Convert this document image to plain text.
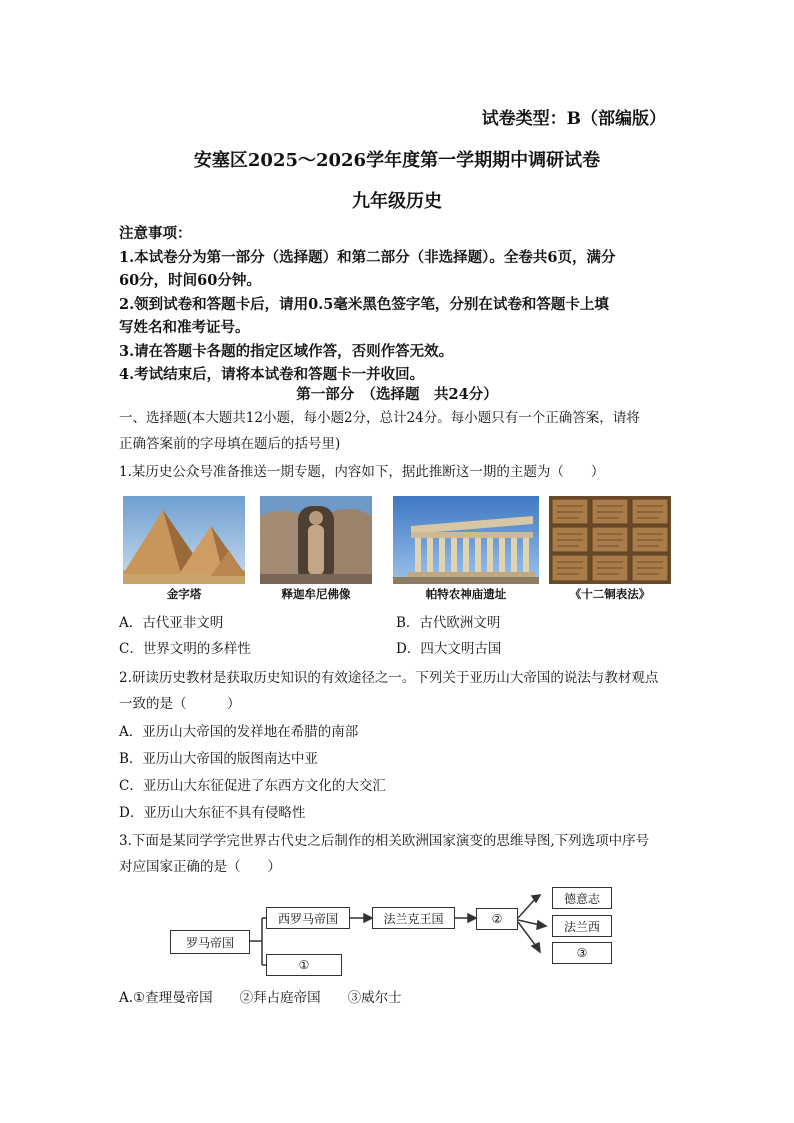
试卷类型：B（部编版）
安塞区2025～2026学年度第一学期期中调研试卷
九年级历史

注意事项：

1.本试卷分为第一部分（选择题）和第二部分（非选择题）。全卷共6页，满分

60分，时间60分钟。

2.领到试卷和答题卡后，请用0.5毫米黑色签字笔，分别在试卷和答题卡上填

写姓名和准考证号。

3.请在答题卡各题的指定区域作答，否则作答无效。

4.考试结束后，请将本试卷和答题卡一并收回。

第一部分　（选择题　共24分）
一、选择题(本大题共12小题，每小题2分，总计24分。每小题只有一个正确答案，请将
正确答案前的字母填在题后的括号里)
1.某历史公众号准备推送一期专题，内容如下，据此推断这一期的主题为（　　）
金字塔	释迦牟尼佛像	帕特农神庙遗址	《十二铜表法》
A．古代亚非文明	B．古代欧洲文明
C．世界文明的多样性	D．四大文明古国
2.研读历史教材是获取历史知识的有效途径之一。下列关于亚历山大帝国的说法与教材观点
一致的是（　　　）
A．亚历山大帝国的发祥地在希腊的南部
B．亚历山大帝国的版图南达中亚
C．亚历山大东征促进了东西方文化的大交汇
D．亚历山大东征不具有侵略性
3.下面是某同学学完世界古代史之后制作的相关欧洲国家演变的思维导图,下列选项中序号
对应国家正确的是（　　）
罗马帝国
西罗马帝国
①
法兰克王国	②
德意志
法兰西
③
A.①查理曼帝国　　②拜占庭帝国　　③威尔士
